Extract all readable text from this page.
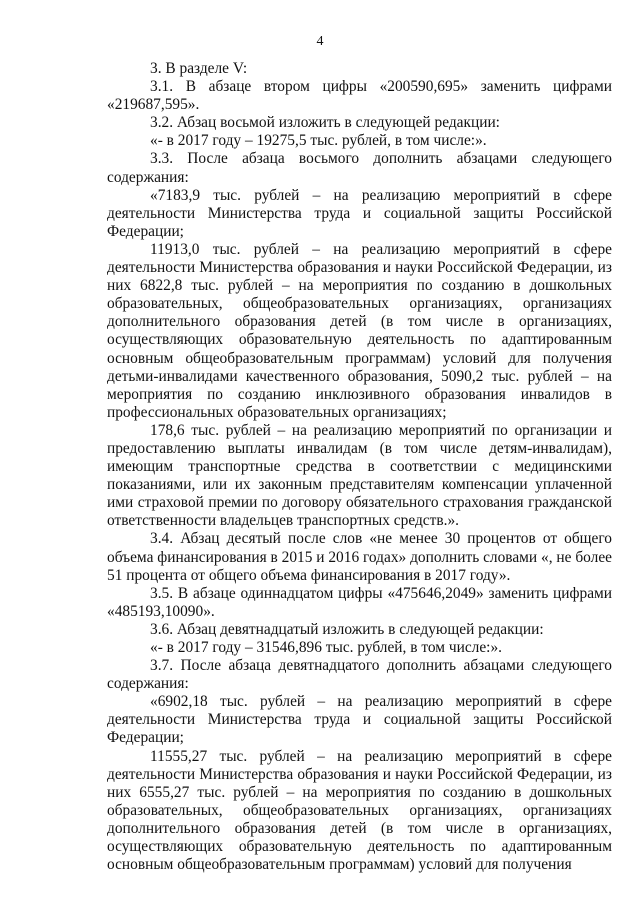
4

3. В разделе V:

3.1. В абзаце втором цифры «200590,695» заменить цифрами «219687,595».

3.2. Абзац восьмой изложить в следующей редакции:

«- в 2017 году – 19275,5 тыс. рублей, в том числе:».

3.3. После абзаца восьмого дополнить абзацами следующего содержания:

«7183,9 тыс. рублей – на реализацию мероприятий в сфере деятельности Министерства труда и социальной защиты Российской Федерации;

11913,0 тыс. рублей – на реализацию мероприятий в сфере деятельности Министерства образования и науки Российской Федерации, из них 6822,8 тыс. рублей – на мероприятия по созданию в дошкольных образовательных, общеобразовательных организациях, организациях дополнительного образования детей (в том числе в организациях, осуществляющих образовательную деятельность по адаптированным основным общеобразовательным программам) условий для получения детьми-инвалидами качественного образования, 5090,2 тыс. рублей – на мероприятия по созданию инклюзивного образования инвалидов в профессиональных образовательных организациях;

178,6 тыс. рублей – на реализацию мероприятий по организации и предоставлению выплаты инвалидам (в том числе детям-инвалидам), имеющим транспортные средства в соответствии с медицинскими показаниями, или их законным представителям компенсации уплаченной ими страховой премии по договору обязательного страхования гражданской ответственности владельцев транспортных средств.».

3.4. Абзац десятый после слов «не менее 30 процентов от общего объема финансирования в 2015 и 2016 годах» дополнить словами «, не более 51 процента от общего объема финансирования в 2017 году».

3.5. В абзаце одиннадцатом цифры «475646,2049» заменить цифрами «485193,10090».

3.6. Абзац девятнадцатый изложить в следующей редакции:

«- в 2017 году – 31546,896 тыс. рублей, в том числе:».

3.7. После абзаца девятнадцатого дополнить абзацами следующего содержания:

«6902,18 тыс. рублей – на реализацию мероприятий в сфере деятельности Министерства труда и социальной защиты Российской Федерации;

11555,27 тыс. рублей – на реализацию мероприятий в сфере деятельности Министерства образования и науки Российской Федерации, из них 6555,27 тыс. рублей – на мероприятия по созданию в дошкольных образовательных, общеобразовательных организациях, организациях дополнительного образования детей (в том числе в организациях, осуществляющих образовательную деятельность по адаптированным основным общеобразовательным программам) условий для получения
